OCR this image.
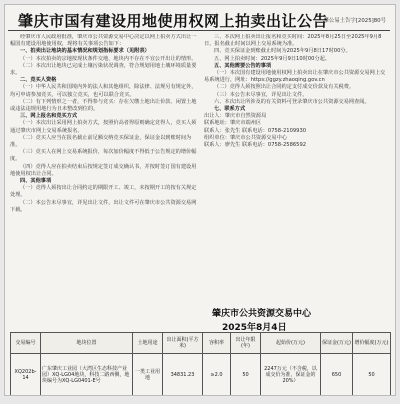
肇庆市国有建设用地使用权网上拍卖出让公告
肇公易土告字[2025]80号

经肇庆市人民政府批准，肇庆市公共资源交易中心决定以网上拍卖方式出让一幅国有建设用地使用权，现将有关事项公告如下：

一、拍卖出让地块的基本情况和规划指标要求（见附表）

（一）本次拍卖的宗地按现状条件交地，地块内不存在不宜公开出让的情形。

（二）本次出让地块已完成土壤污染状况调查，符合规划用地土壤环境质量要求。

二、竞买人资格

（一）中华人民共和国境内外的法人和其他组织，除法律、法规另有规定外，均可申请参加竞买，可以独立竞买，也可以联合竞买。

（二）有下列情形之一者，不得参与竞买：存在欠缴土地出让价款、闲置土地或违法违规用地行为且未整改到位的。

三、网上报名和竞买方式

（一）本次出让采用网上拍卖方式，按照价高者得原则确定竞得人，竞买人须通过肇庆市网上交易系统报名。

（二）竞买人应当在报名截止前足额交纳竞买保证金，保证金以到账时间为准。

（三）竞买人在网上交易系统报价，每次加价幅度不得低于公告规定的增价幅度。

（四）竞得人应在拍卖结束后按规定签订成交确认书，并按时签订国有建设用地使用权出让合同。

四、其他事项

（一）竞得人须按出让合同约定的期限开工、竣工，未按期开工的按有关规定处理。

（二）本公告未尽事宜，详见出让文件，出让文件可在肇庆市公共资源交易网下载。

三、本次网上拍卖出让报名和竞买时间：2025年8月25日至2025年9月8日，报名截止时间以网上交易系统为准。

四、竞买保证金到账截止时间为2025年9月8日17时00分。

五、网上拍卖时间：2025年9月9日10时00分起。

五、其他需要公告的事项

（一）本次国有建设用地使用权网上拍卖出让在肇庆市公共资源交易网上交易系统进行，网址：https://ggzy.zhaoqing.gov.cn

（二）竞得人须按照出让合同约定支付成交价款及有关税费。

（三）本公告未尽事宜，详见出让文件。

六、本次出让所涉及的有关资料可登录肇庆市公共资源交易网查阅。

七、联系方式

出让人：肇庆市自然资源局

联系地址：肇庆市端州区

联系人：张先生 联系电话：0758-2109930

组织单位：肇庆市公共资源交易中心

联系人：廖先生 联系电话：0758-2586592

肇庆市公共资源交易中心
2025年8月4日
交易编号	地块位置	土地用途	出让面积(平方米)	容积率	出让年限(年)	起始价(万元)	保证金(万元)	增价幅度(万元)
XQ202b-14	广东肇庆工业园（大湾区生态科技产业园）XQ-LG04地块，科技二路西侧，地块编号为XQ-LG0401-E号	一类工业用地	34831.23	≥2.0	50	2247万元（不含税，以成交价为准，保证金的20%）	650	50
